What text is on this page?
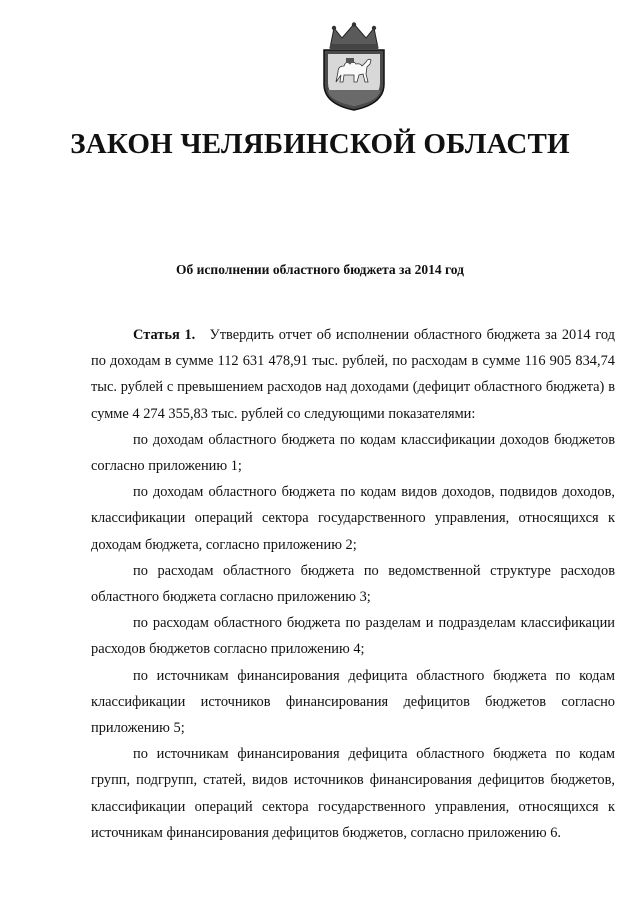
ЗАКОН ЧЕЛЯБИНСКОЙ ОБЛАСТИ
Об исполнении областного бюджета за 2014 год

Статья 1. Утвердить отчет об исполнении областного бюджета за 2014 год по доходам в сумме 112 631 478,91 тыс. рублей, по расходам в сумме 116 905 834,74 тыс. рублей с превышением расходов над доходами (дефицит областного бюджета) в сумме 4 274 355,83 тыс. рублей со следующими показателями:

по доходам областного бюджета по кодам классификации доходов бюджетов согласно приложению 1;

по доходам областного бюджета по кодам видов доходов, подвидов доходов, классификации операций сектора государственного управления, относящихся к доходам бюджета, согласно приложению 2;

по расходам областного бюджета по ведомственной структуре расходов областного бюджета согласно приложению 3;

по расходам областного бюджета по разделам и подразделам классификации расходов бюджетов согласно приложению 4;

по источникам финансирования дефицита областного бюджета по кодам классификации источников финансирования дефицитов бюджетов согласно приложению 5;

по источникам финансирования дефицита областного бюджета по кодам групп, подгрупп, статей, видов источников финансирования дефицитов бюджетов, классификации операций сектора государственного управления, относящихся к источникам финансирования дефицитов бюджетов, согласно приложению 6.
